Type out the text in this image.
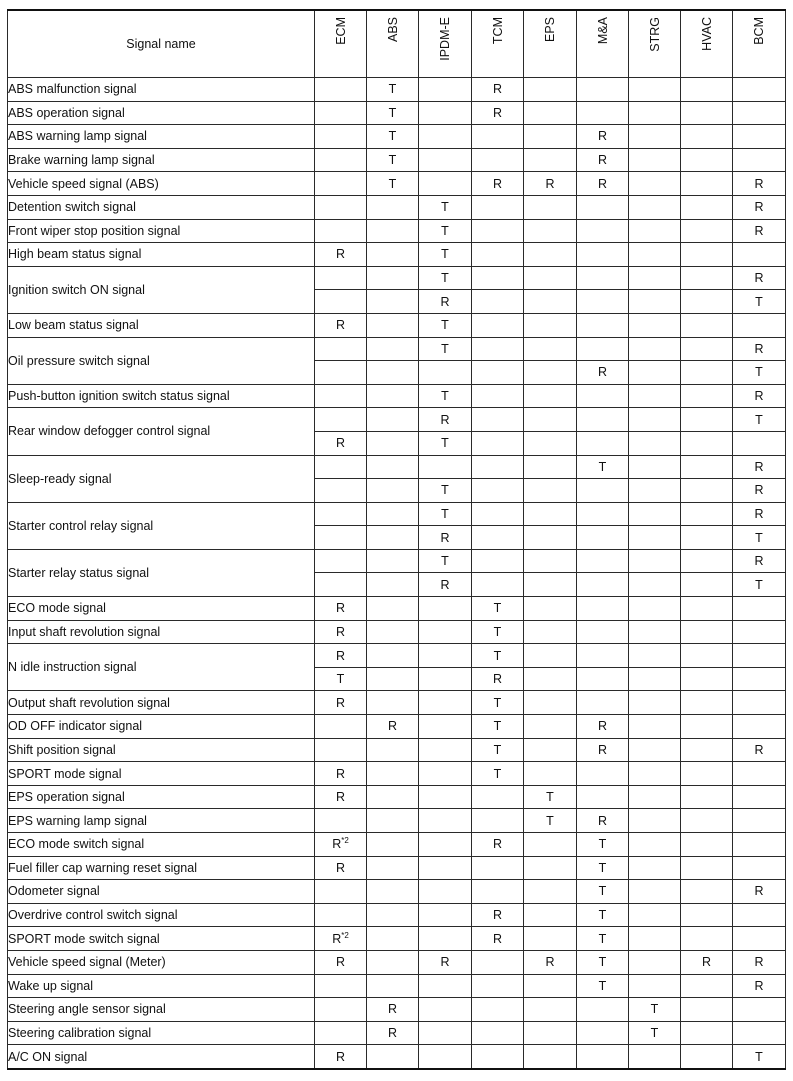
Signal name	ECM	ABS	IPDM-E	TCM	EPS	M&A	STRG	HVAC	BCM
ABS malfunction signal		T		R					
ABS operation signal		T		R					
ABS warning lamp signal		T				R			
Brake warning lamp signal		T				R			
Vehicle speed signal (ABS)		T		R	R	R			R
Detention switch signal			T						R
Front wiper stop position signal			T						R
High beam status signal	R		T						
Ignition switch ON signal			T						R
			R						T
Low beam status signal	R		T						
Oil pressure switch signal			T						R
						R			T
Push-button ignition switch status signal			T						R
Rear window defogger control signal			R						T
	R		T						
Sleep-ready signal						T			R
			T						R
Starter control relay signal			T						R
			R						T
Starter relay status signal			T						R
			R						T
ECO mode signal	R			T					
Input shaft revolution signal	R			T					
N idle instruction signal	R			T					
	T			R					
Output shaft revolution signal	R			T					
OD OFF indicator signal		R		T		R			
Shift position signal				T		R			R
SPORT mode signal	R			T					
EPS operation signal	R				T				
EPS warning lamp signal					T	R			
ECO mode switch signal	$R^{*2}$			R		T			
Fuel filler cap warning reset signal	R					T			
Odometer signal						T			R
Overdrive control switch signal				R		T			
SPORT mode switch signal	$R^{*2}$			R		T			
Vehicle speed signal (Meter)	R		R		R	T		R	R
Wake up signal						T			R
Steering angle sensor signal		R					T		
Steering calibration signal		R					T		
A/C ON signal	R								T
